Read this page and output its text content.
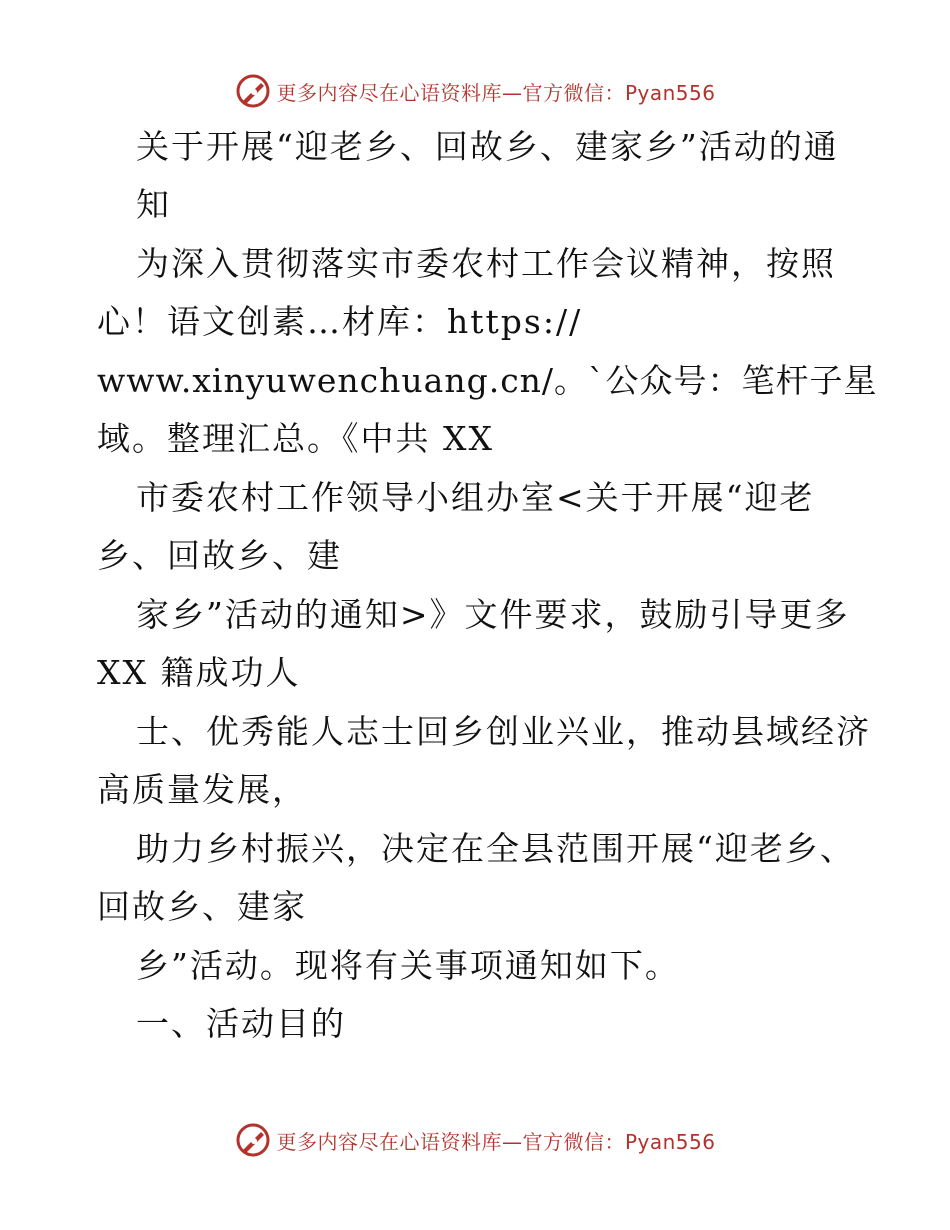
更多内容尽在心语资料库—官方微信：Pyan556
关于开展“迎老乡、回故乡、建家乡”活动的通
知
为深入贯彻落实市委农村工作会议精神，按照
心！语文创素…材库：https://
www.xinyuwenchuang.cn/。`公众号：笔杆子星
域。整理汇总。《中共 XX
市委农村工作领导小组办室<关于开展“迎老
乡、回故乡、建
家乡”活动的通知>》文件要求，鼓励引导更多
XX 籍成功人
士、优秀能人志士回乡创业兴业，推动县域经济
高质量发展，
助力乡村振兴，决定在全县范围开展“迎老乡、
回故乡、建家
乡”活动。现将有关事项通知如下。
一、活动目的
更多内容尽在心语资料库—官方微信：Pyan556
